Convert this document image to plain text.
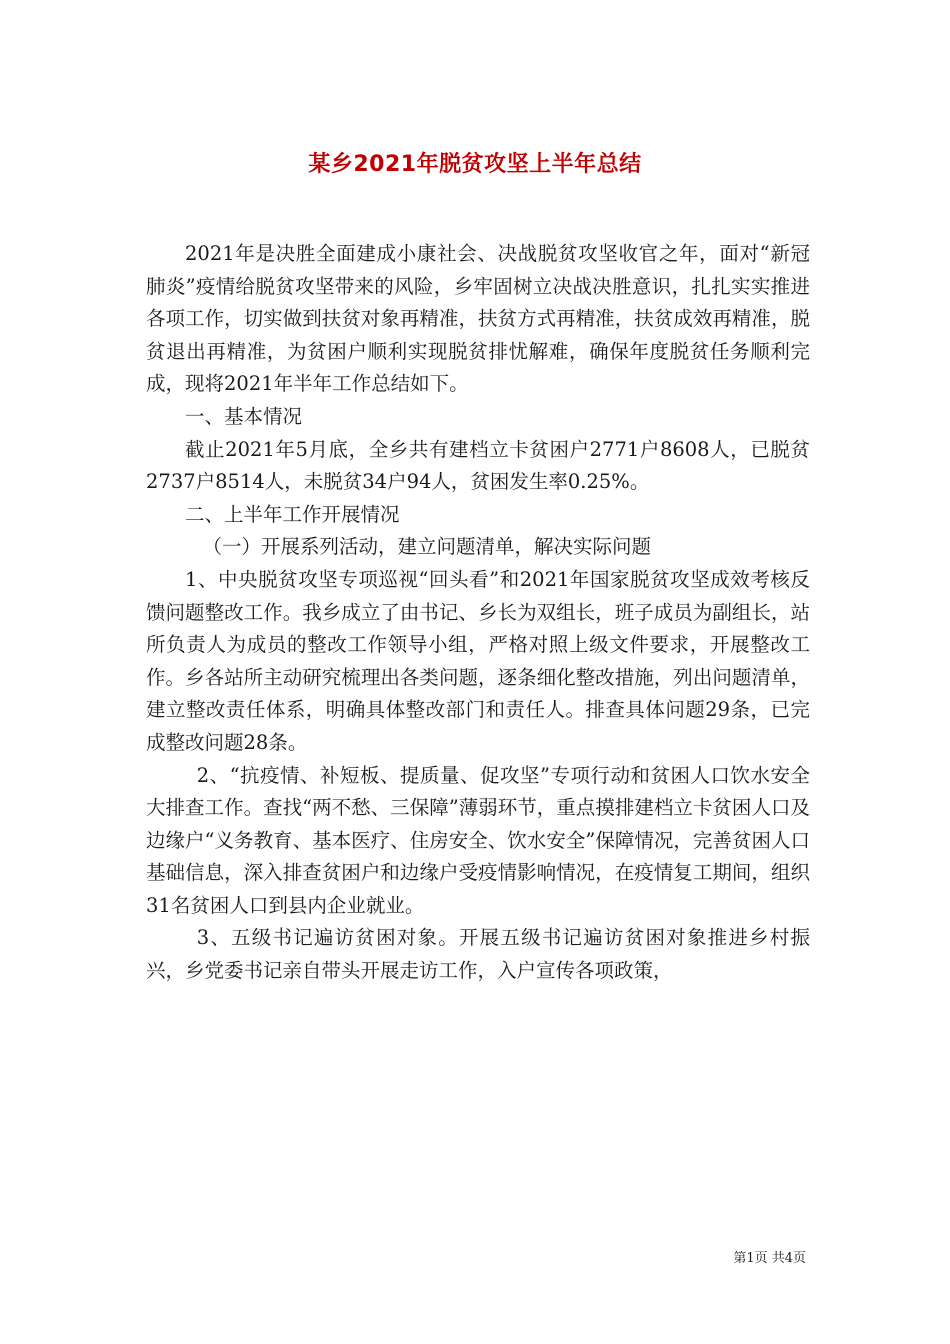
某乡2021年脱贫攻坚上半年总结

2021年是决胜全面建成小康社会、决战脱贫攻坚收官之年，面对“新冠肺炎”疫情给脱贫攻坚带来的风险，乡牢固树立决战决胜意识，扎扎实实推进各项工作，切实做到扶贫对象再精准，扶贫方式再精准，扶贫成效再精准，脱贫退出再精准，为贫困户顺利实现脱贫排忧解难，确保年度脱贫任务顺利完成，现将2021年半年工作总结如下。

一、基本情况

截止2021年5月底，全乡共有建档立卡贫困户2771户8608人，已脱贫2737户8514人，未脱贫34户94人，贫困发生率0.25%。

二、上半年工作开展情况

（一）开展系列活动，建立问题清单，解决实际问题

1、中央脱贫攻坚专项巡视“回头看”和2021年国家脱贫攻坚成效考核反馈问题整改工作。我乡成立了由书记、乡长为双组长，班子成员为副组长，站所负责人为成员的整改工作领导小组，严格对照上级文件要求，开展整改工作。乡各站所主动研究梳理出各类问题，逐条细化整改措施，列出问题清单，建立整改责任体系，明确具体整改部门和责任人。排查具体问题29条，已完成整改问题28条。

2、“抗疫情、补短板、提质量、促攻坚”专项行动和贫困人口饮水安全大排查工作。查找“两不愁、三保障”薄弱环节，重点摸排建档立卡贫困人口及边缘户“义务教育、基本医疗、住房安全、饮水安全”保障情况，完善贫困人口基础信息，深入排查贫困户和边缘户受疫情影响情况，在疫情复工期间，组织31名贫困人口到县内企业就业。

3、五级书记遍访贫困对象。开展五级书记遍访贫困对象推进乡村振兴，乡党委书记亲自带头开展走访工作，入户宣传各项政策，

第1页 共4页
